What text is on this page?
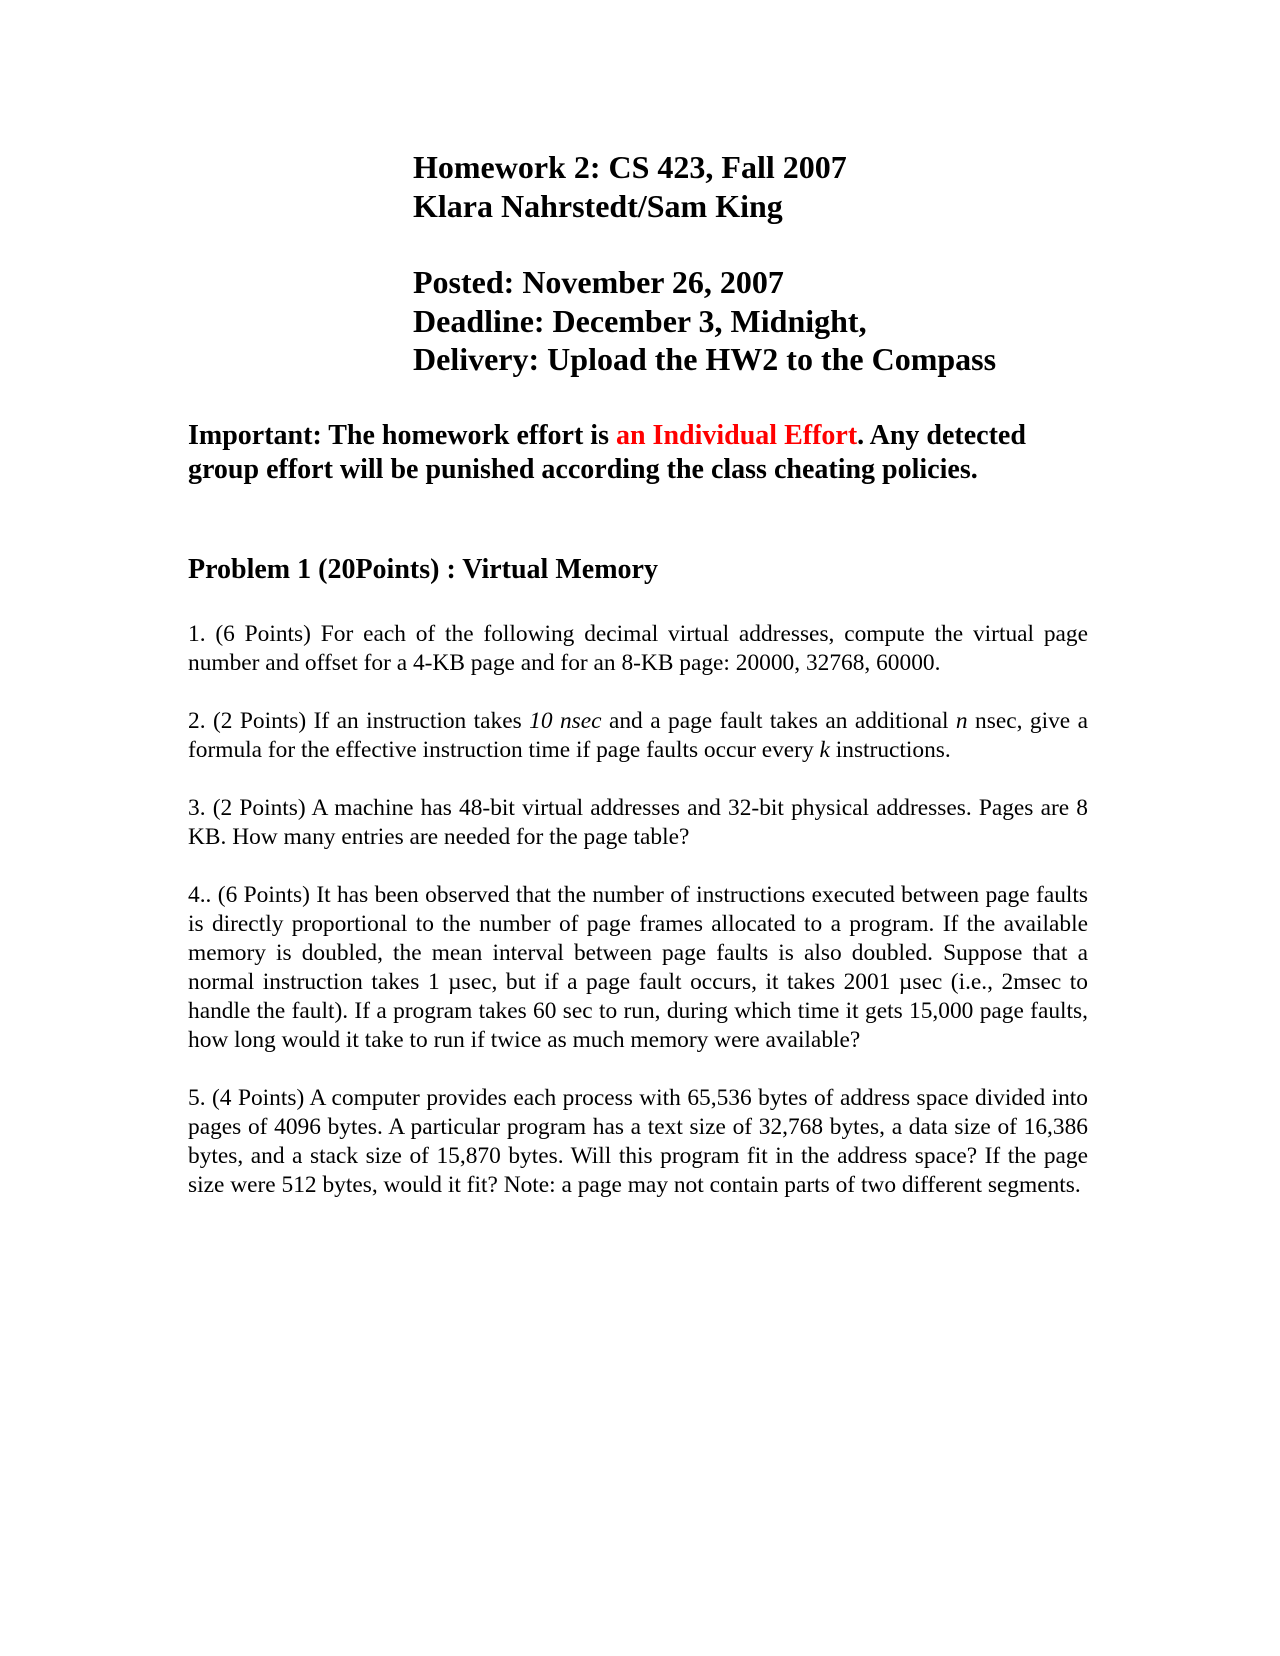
Homework 2: CS 423, Fall 2007
Klara Nahrstedt/Sam King
Posted: November 26, 2007
Deadline: December 3, Midnight,
Delivery: Upload the HW2 to the Compass
Important: The homework effort is an Individual Effort. Any detected group effort will be punished according the class cheating policies.
Problem 1 (20Points) : Virtual Memory

1. (6 Points) For each of the following decimal virtual addresses, compute the virtual page number and offset for a 4-KB page and for an 8-KB page: 20000, 32768, 60000.

2. (2 Points) If an instruction takes 10 nsec and a page fault takes an additional n nsec, give a formula for the effective instruction time if page faults occur every k instructions.

3. (2 Points) A machine has 48-bit virtual addresses and 32-bit physical addresses. Pages are 8 KB. How many entries are needed for the page table?

4.. (6 Points) It has been observed that the number of instructions executed between page faults is directly proportional to the number of page frames allocated to a program. If the available memory is doubled, the mean interval between page faults is also doubled. Suppose that a normal instruction takes 1 µsec, but if a page fault occurs, it takes 2001 µsec (i.e., 2msec to handle the fault). If a program takes 60 sec to run, during which time it gets 15,000 page faults, how long would it take to run if twice as much memory were available?

5. (4 Points) A computer provides each process with 65,536 bytes of address space divided into pages of 4096 bytes. A particular program has a text size of 32,768 bytes, a data size of 16,386 bytes, and a stack size of 15,870 bytes. Will this program fit in the address space? If the page size were 512 bytes, would it fit? Note: a page may not contain parts of two different segments.
